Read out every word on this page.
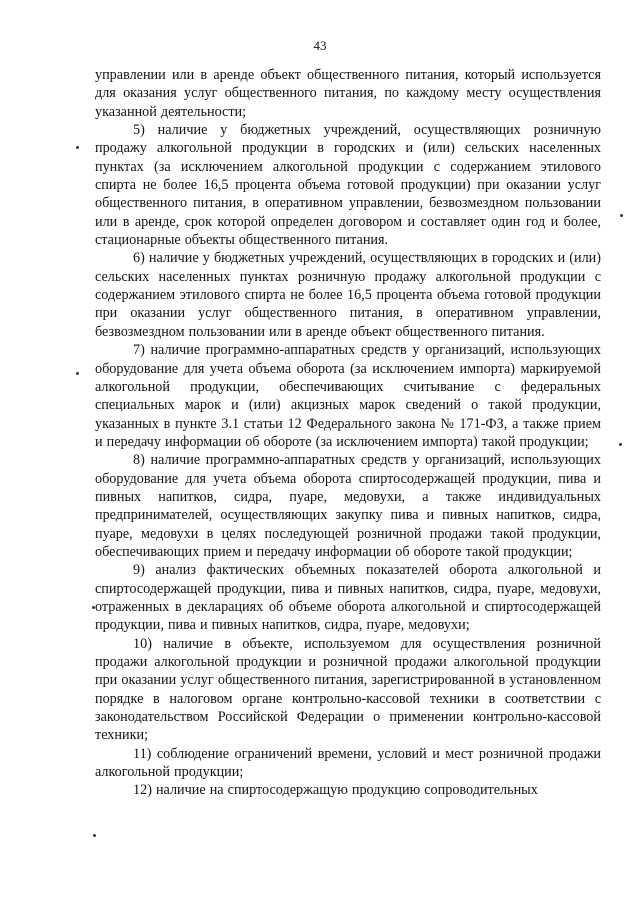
43

управлении или в аренде объект общественного питания, который используется для оказания услуг общественного питания, по каждому месту осуществления указанной деятельности;

5) наличие у бюджетных учреждений, осуществляющих розничную продажу алкогольной продукции в городских и (или) сельских населенных пунктах (за исключением алкогольной продукции с содержанием этилового спирта не более 16,5 процента объема готовой продукции) при оказании услуг общественного питания, в оперативном управлении, безвозмездном пользовании или в аренде, срок которой определен договором и составляет один год и более, стационарные объекты общественного питания.

6) наличие у бюджетных учреждений, осуществляющих в городских и (или) сельских населенных пунктах розничную продажу алкогольной продукции с содержанием этилового спирта не более 16,5 процента объема готовой продукции при оказании услуг общественного питания, в оперативном управлении, безвозмездном пользовании или в аренде объект общественного питания.

7) наличие программно-аппаратных средств у организаций, использующих оборудование для учета объема оборота (за исключением импорта) маркируемой алкогольной продукции, обеспечивающих считывание с федеральных специальных марок и (или) акцизных марок сведений о такой продукции, указанных в пункте 3.1 статьи 12 Федерального закона № 171-ФЗ, а также прием и передачу информации об обороте (за исключением импорта) такой продукции;

8) наличие программно-аппаратных средств у организаций, использующих оборудование для учета объема оборота спиртосодержащей продукции, пива и пивных напитков, сидра, пуаре, медовухи, а также индивидуальных предпринимателей, осуществляющих закупку пива и пивных напитков, сидра, пуаре, медовухи в целях последующей розничной продажи такой продукции, обеспечивающих прием и передачу информации об обороте такой продукции;

9) анализ фактических объемных показателей оборота алкогольной и спиртосодержащей продукции, пива и пивных напитков, сидра, пуаре, медовухи, отраженных в декларациях об объеме оборота алкогольной и спиртосодержащей продукции, пива и пивных напитков, сидра, пуаре, медовухи;

10) наличие в объекте, используемом для осуществления розничной продажи алкогольной продукции и розничной продажи алкогольной продукции при оказании услуг общественного питания, зарегистрированной в установленном порядке в налоговом органе контрольно-кассовой техники в соответствии с законодательством Российской Федерации о применении контрольно-кассовой техники;

11) соблюдение ограничений времени, условий и мест розничной продажи алкогольной продукции;

12) наличие на спиртосодержащую продукцию сопроводительных
